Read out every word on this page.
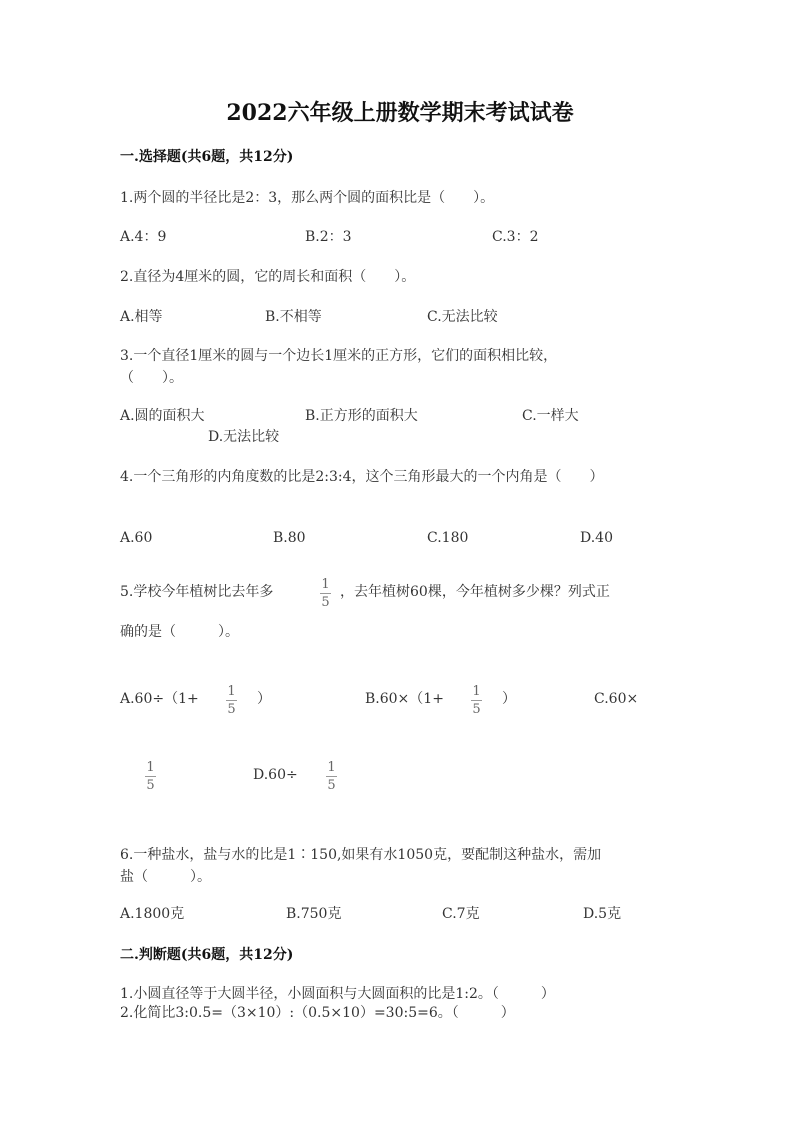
2022六年级上册数学期末考试试卷
一.选择题(共6题，共12分)
1.两个圆的半径比是2：3，那么两个圆的面积比是（　　）。
A.4：9	B.2：3	C.3：2
2.直径为4厘米的圆，它的周长和面积（　　）。
A.相等	B.不相等	C.无法比较
3.一个直径1厘米的圆与一个边长1厘米的正方形，它们的面积相比较，
（　　）。
A.圆的面积大	B.正方形的面积大	C.一样大
D.无法比较
4.一个三角形的内角度数的比是2:3:4，这个三角形最大的一个内角是（　　）
A.60	B.80	C.180	D.40
5.学校今年植树比去年多	1
5
，去年植树60棵，今年植树多少棵？列式正
确的是（　　　）。
A.60÷（1+ 1
5
）	B.60×（1+ 1
5
）	C.60×
1
5
D.60÷ 1
5
6.一种盐水，盐与水的比是1∶150,如果有水1050克，要配制这种盐水，需加
盐（　　　）。
A.1800克	B.750克	C.7克	D.5克
二.判断题(共6题，共12分)
1.小圆直径等于大圆半径，小圆面积与大圆面积的比是1:2。（　　　）
2.化简比3:0.5=（3×10）:（0.5×10）=30:5=6。（　　　）
